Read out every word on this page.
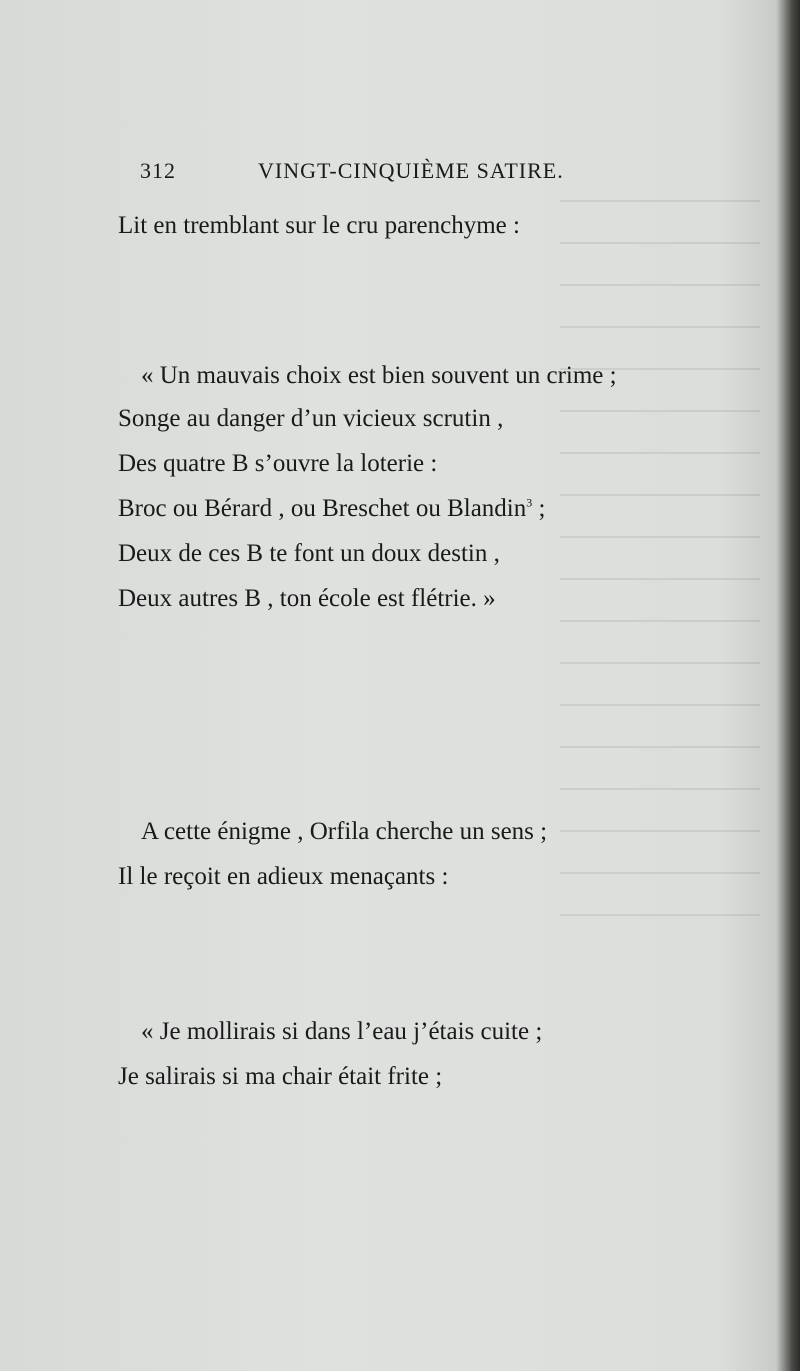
312	VINGT-CINQUIÈME SATIRE.
Lit en tremblant sur le cru parenchyme :
« Un mauvais choix est bien souvent un crime ;
Songe au danger d’un vicieux scrutin ,
Des quatre B s’ouvre la loterie :
Broc ou Bérard , ou Breschet ou Blandin$^3$ ;
Deux de ces B te font un doux destin ,
Deux autres B , ton école est flétrie. »
A cette énigme , Orfila cherche un sens ;
Il le reçoit en adieux menaçants :
« Je mollirais si dans l’eau j’étais cuite ;
Je salirais si ma chair était frite ;
